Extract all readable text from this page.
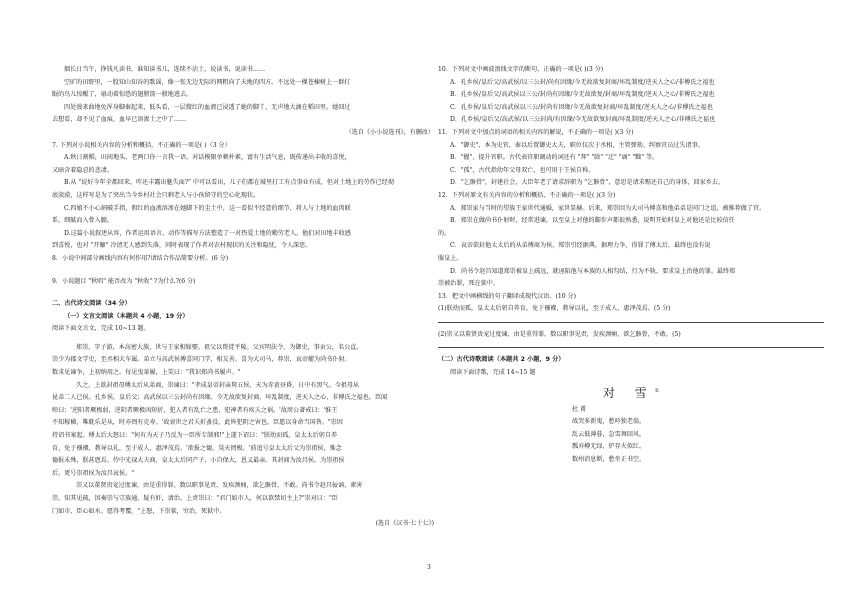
烟长日当午，挣钱凡读书，谁知读书儿，连续不沾土，说读书，说读书……

空旷的田野里，一股知山知谷的歌谣，像一张无边无际的网粗向了天地的四方。不远处一棵苍楝树上一群打

眠的鸟儿惊醒了，扇动着惊恐的翅膀箭一般地逃去。

四处漫来曲地免浑身脚秦起来，低头看，一层微红的血液已浸透了她的脚丫，无声地大滴在稻田里。她回过

去想看，却不见了血痕，血早已溶渗土之中了……

（选自《小小说选刊》，有删改）

7. 下列对小说相关内容的分析和概括，不正确的一项是( )（3 分）

A.秋日割稻，田间地头，老两口你一言我一语，对话模限单顿朴素，富有生活气息，既传递出丰收的喜悦，

又暗含着隐忍的悲凄。

B.从 "说好今年全都回来，咋还丰露出魅失面?" 中可以看出，儿子们都在城里打工有点事业有成，但对土地上的劳作已经彻

底淡漠，这样写是为了突出当今乡村社会只剩老人与小孩留守的空心化现状。

C.四娘不小心割破手指，假红的血液溶渗在她脚下的尘土中，这一看似不经意的细节，将人与土地的血肉联

系，细腻而入骨入髓。

D.这篇小说叙述从容，作者运用语言、动作等描写方法塑造了一对热爱土地的勤劳老人，他们对田地丰收感

到喜悦，也对 "开镰" 冷清无人感到失落，同时表现了作者对农村现状的关注和隐忧，令人深思。

8．小说中间部分画线内容有何作用?请结合作品简要分析。(6 分)

9．小说题目 "秋唱" 能否改为 "秋收" ?为什么?(6 分)

二、古代诗文阅读（34 分）

（一）文言文阅读（本题共 4 小题，19 分）

阅读下面文言文，完成 10~13 题。

郑崇，字子游，本高密大族，世与王家相嫁娶。祖父以资徙平陵。父宾明法令，为御史，事贡公，名公直。

崇少为郡文学史，至丞相大车属。弟立与高武侯傅喜同门学，相友善。喜为大司马，荐崇，哀帝擢为尚书仆射。

数求见谏争，上初纳用之。每见曳革履，上笑曰："我识郑尚书履声。"

久之，上欲封祖母傅太后从弟商，崇谏曰："孝成皇帝封亲舅五侯，天为赤黄昼昏，日中有黑气。今祖母从

昆弟二人已侯。孔乡侯，皇后父；高武侯以三公封尚有因缘。今无故欲复封商，坏乱制度，逆天人之心，非傅氏之福也。臣闻

师曰：'逆阳者厥极弱，逆阴者厥极凶短折，犯人者有乱亡之患，犯神者有疾夭之祸。'故周公著戒曰：'惟王

不知稼穑，唯耽乐是从，时亦罔有克寿。'故衰世之君夭折蚤没，此皆犯阴之害也。臣愿以身命当国咎。"崇因

持诏书案起。傅太后大怒曰："何有为天子乃反为一臣所专制邪!"上遂下诏曰："朕幼而孤，皇太太后躬自养

育，免于襁褓，教导以礼，至于成人，惠泽茂焉。'欲报之德，昊天罔极。'前追号皇太太后父为崇祖侯，惟念

德报未殊，朕甚恧焉。侍中光禄大夫商，皇太太后同产子，小自保大，恩义最亲。其封商为汝昌侯，为崇祖侯

后，更号崇祖侯为汝昌哀侯。"

崇又以董贤贵宠过度谏，由是重得罪。数以职事见责，发疾颈痈，欲乞骸骨，不敢。尚书令赵昌佞讻，素害

崇，知其见疏，因奏崇与宗族通，疑有奸，请治。上责崇曰："君门如市人，何以欲禁切主上?"崇对曰："臣

门如市，臣心如水。愿得考覆。"上怒，下崇狱，穷治，死狱中。

(选自《汉书·七十七》)

10．下列对文中画波浪线文字的断句，正确的一项是( )(3 分)

A．孔乡侯/皇后父/高武侯/以三公封/尚有因缘/今无故欲复封商/坏乱制度/逆天人之心/非傅氏之福也

B．孔乡侯/皇后父/高武侯以三公/封尚有因缘/今无故欲复/封商/坏乱制度/逆天人之心/非傅氏之福也

C．孔乡侯/皇后父/高武侯以三公/封尚有因缘/今无故欲复封商/坏乱制度/逆天人之心/非傅氏之福也

D．孔乡侯/皇后父/高武侯/以三公封尚/有因缘/今无故欲复封商/坏乱制度/逆天人之心/非傅氏之福也

11．下列对文中加点的词语的相关内容的解说，不正确的一项是( )(3 分)

A．"御史"，本为史官，秦以后置御史大夫，职位仅次于丞相，主管弹劾、纠察官员过失诸事。

B．"擢"，提升官职。古代表官职调动的词还有 "拜" "除" "迁" "谪" "黜" 等。

C．"孤"，古代指幼年父母双亡，也可用于王侯自称。

D．"乞骸骨"，封建社会，大臣年老了请求辞职为 "乞骸骨"，意思是请求赐还自己的身体，回家乡去。

12．下列对原文有关内容的分析和概括，不正确的一项是( )(3 分)

A．郑崇家与当时的望族王家世代通婚，家世显赫。后来，郑崇因为大司马傅喜和他弟弟是同门之谊，被推荐做了官。

B．郑崇在做尚书仆射时，经常进谏，以至皇上对他的脚步声都很熟悉，说明开始时皇上对他还是比较信任

的。

C．哀帝欲封他太太后的从弟傅商为侯，郑崇引经据典，据理力争，得罪了傅太后，最终也没有说

服皇上。

D．尚书令赵昌知道郑崇被皇上疏远，就诬陷他与本族的人相勾结，行为不轨，要求皇上治他的罪。最终郑

崇被治罪，死在狱中。

13．把文中画横线的句子翻译成现代汉语。(10 分)

(1)朕幼而孤，皇太太后躬自养育，免于襁褓，教导以礼，至于成人，惠泽茂焉。(5 分)

(2)崇又以董贤贵宠过度谏，由是重得罪。数以职事见责，发疾颈痈，欲乞骸骨，不敢。(5)

（二）古代诗歌阅读（本题共 2 小题，9 分）

阅读下面诗歌，完成 14~15 题

对 雪①

杜 甫

战哭多新鬼，愁吟独老翁。

乱云低薄暮，急雪舞回风。

瓢弃樽无绿，炉存火似红。

数州消息断，愁坐正书空。

3
